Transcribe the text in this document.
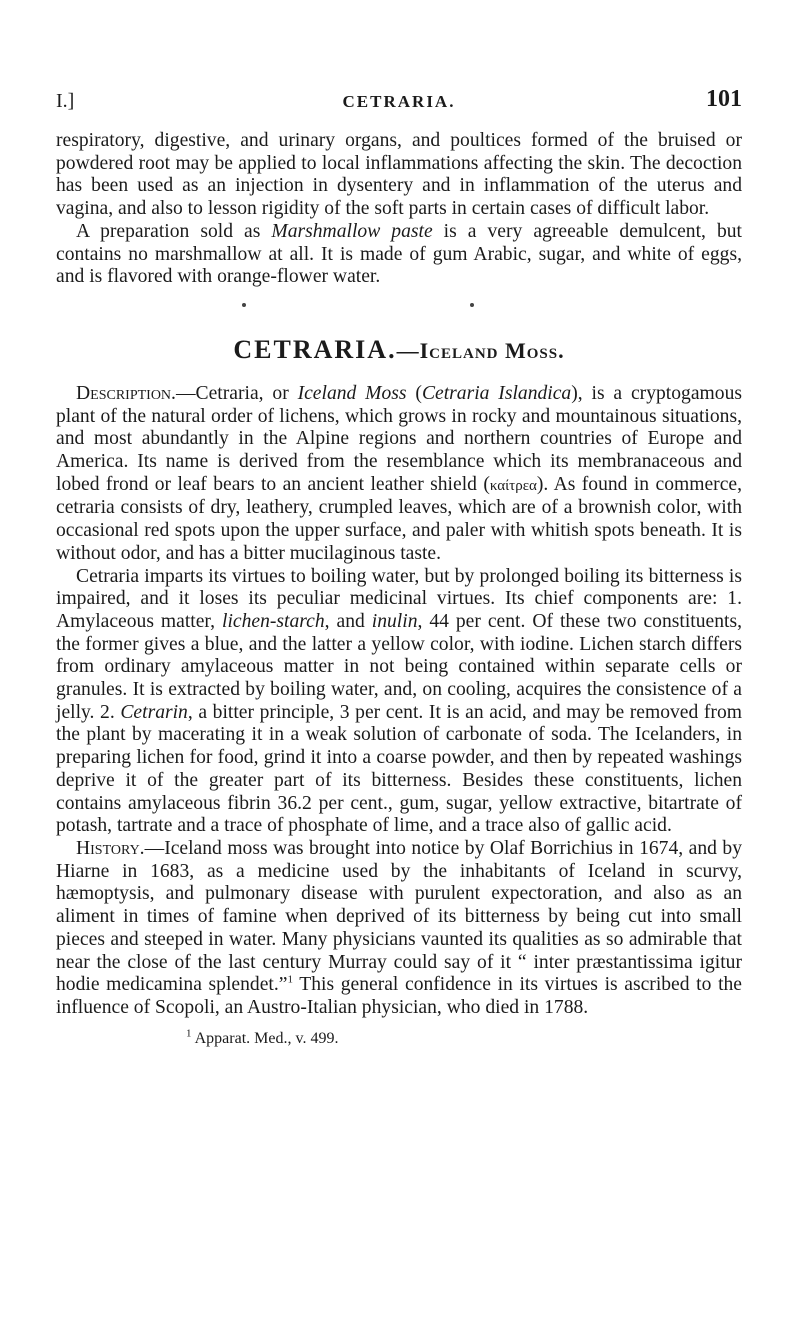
I.]	CETRARIA.	101

respiratory, digestive, and urinary organs, and poultices formed of the bruised or powdered root may be applied to local inflammations affecting the skin. The decoction has been used as an injection in dysentery and in inflammation of the uterus and vagina, and also to lesson rigidity of the soft parts in certain cases of difficult labor.

A preparation sold as Marshmallow paste is a very agreeable demulcent, but contains no marshmallow at all. It is made of gum Arabic, sugar, and white of eggs, and is flavored with orange-flower water.

CETRARIA.—Iceland Moss.

Description.—Cetraria, or Iceland Moss (Cetraria Islandica), is a cryptogamous plant of the natural order of lichens, which grows in rocky and mountainous situations, and most abundantly in the Alpine regions and northern countries of Europe and America. Its name is derived from the resemblance which its membranaceous and lobed frond or leaf bears to an ancient leather shield (καίτρεα). As found in commerce, cetraria consists of dry, leathery, crumpled leaves, which are of a brownish color, with occasional red spots upon the upper surface, and paler with whitish spots beneath. It is without odor, and has a bitter mucilaginous taste.

Cetraria imparts its virtues to boiling water, but by prolonged boiling its bitterness is impaired, and it loses its peculiar medicinal virtues. Its chief components are: 1. Amylaceous matter, lichen-starch, and inulin, 44 per cent. Of these two constituents, the former gives a blue, and the latter a yellow color, with iodine. Lichen starch differs from ordinary amylaceous matter in not being contained within separate cells or granules. It is extracted by boiling water, and, on cooling, acquires the consistence of a jelly. 2. Cetrarin, a bitter principle, 3 per cent. It is an acid, and may be removed from the plant by macerating it in a weak solution of carbonate of soda. The Icelanders, in preparing lichen for food, grind it into a coarse powder, and then by repeated washings deprive it of the greater part of its bitterness. Besides these constituents, lichen contains amylaceous fibrin 36.2 per cent., gum, sugar, yellow extractive, bitartrate of potash, tartrate and a trace of phosphate of lime, and a trace also of gallic acid.

History.—Iceland moss was brought into notice by Olaf Borrichius in 1674, and by Hiarne in 1683, as a medicine used by the inhabitants of Iceland in scurvy, hæmoptysis, and pulmonary disease with purulent expectoration, and also as an aliment in times of famine when deprived of its bitterness by being cut into small pieces and steeped in water. Many physicians vaunted its qualities as so admirable that near the close of the last century Murray could say of it “ inter præstantissima igitur hodie medicamina splendet.”$^1$ This general confidence in its virtues is ascribed to the influence of Scopoli, an Austro-Italian physician, who died in 1788.

$^1$ Apparat. Med., v. 499.
